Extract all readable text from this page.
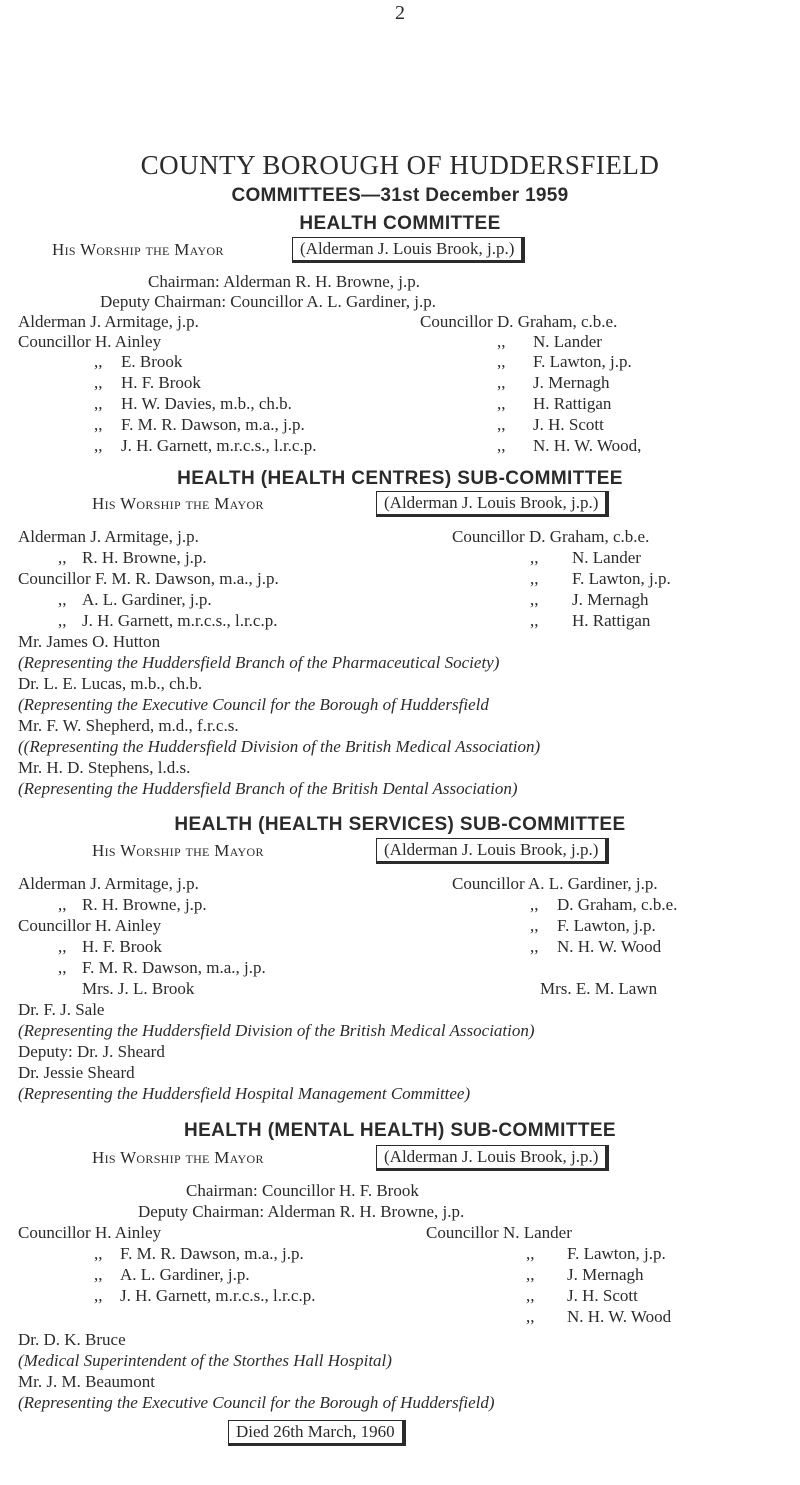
2
COUNTY BOROUGH OF HUDDERSFIELD
COMMITTEES—31st December 1959
HEALTH COMMITTEE
His Worship the Mayor	(Alderman J. Louis Brook, j.p.)
Chairman: Alderman R. H. Browne, j.p.
Deputy Chairman: Councillor A. L. Gardiner, j.p.
Alderman J. Armitage, j.p.
Councillor H. Ainley
,, E. Brook
,, H. F. Brook
,, H. W. Davies, m.b., ch.b.
,, F. M. R. Dawson, m.a., j.p.
,, J. H. Garnett, m.r.c.s., l.r.c.p.
Councillor D. Graham, c.b.e.
,, N. Lander
,, F. Lawton, j.p.
,, J. Mernagh
,, H. Rattigan
,, J. H. Scott
,, N. H. W. Wood,
HEALTH (HEALTH CENTRES) SUB-COMMITTEE
His Worship the Mayor	(Alderman J. Louis Brook, j.p.)
Alderman J. Armitage, j.p.
,, R. H. Browne, j.p.
Councillor F. M. R. Dawson, m.a., j.p.
,, A. L. Gardiner, j.p.
,, J. H. Garnett, m.r.c.s., l.r.c.p.
Councillor D. Graham, c.b.e.
,, N. Lander
,, F. Lawton, j.p.
,, J. Mernagh
,, H. Rattigan
Mr. James O. Hutton
(Representing the Huddersfield Branch of the Pharmaceutical Society)
Dr. L. E. Lucas, m.b., ch.b.
(Representing the Executive Council for the Borough of Huddersfield
Mr. F. W. Shepherd, m.d., f.r.c.s.
((Representing the Huddersfield Division of the British Medical Association)
Mr. H. D. Stephens, l.d.s.
(Representing the Huddersfield Branch of the British Dental Association)
HEALTH (HEALTH SERVICES) SUB-COMMITTEE
His Worship the Mayor	(Alderman J. Louis Brook, j.p.)
Alderman J. Armitage, j.p.
,, R. H. Browne, j.p.
Councillor H. Ainley
,, H. F. Brook
,, F. M. R. Dawson, m.a., j.p.
Mrs. J. L. Brook
Councillor A. L. Gardiner, j.p.
,, D. Graham, c.b.e.
,, F. Lawton, j.p.
,, N. H. W. Wood
Mrs. E. M. Lawn
Dr. F. J. Sale
(Representing the Huddersfield Division of the British Medical Association)
Deputy: Dr. J. Sheard
Dr. Jessie Sheard
(Representing the Huddersfield Hospital Management Committee)
HEALTH (MENTAL HEALTH) SUB-COMMITTEE
His Worship the Mayor	(Alderman J. Louis Brook, j.p.)
Chairman: Councillor H. F. Brook
Deputy Chairman: Alderman R. H. Browne, j.p.
Councillor H. Ainley
,, F. M. R. Dawson, m.a., j.p.
,, A. L. Gardiner, j.p.
,, J. H. Garnett, m.r.c.s., l.r.c.p.
Councillor N. Lander
,, F. Lawton, j.p.
,, J. Mernagh
,, J. H. Scott
,, N. H. W. Wood
Dr. D. K. Bruce
(Medical Superintendent of the Storthes Hall Hospital)
Mr. J. M. Beaumont
(Representing the Executive Council for the Borough of Huddersfield)
Died 26th March, 1960
